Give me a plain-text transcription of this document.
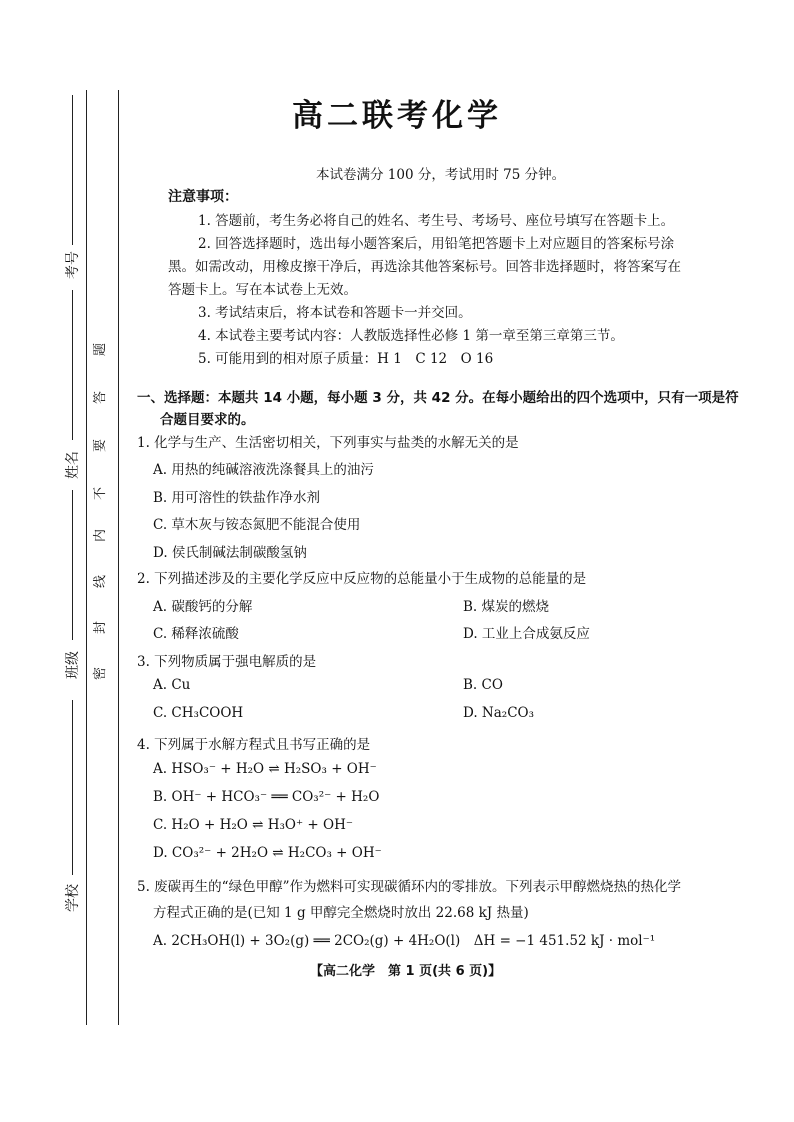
考号
姓名
班级
学校
题
答
要
不
内
线
封
密
高二联考化学
本试卷满分 100 分，考试用时 75 分钟。
注意事项：
1. 答题前，考生务必将自己的姓名、考生号、考场号、座位号填写在答题卡上。
2. 回答选择题时，选出每小题答案后，用铅笔把答题卡上对应题目的答案标号涂
黑。如需改动，用橡皮擦干净后，再选涂其他答案标号。回答非选择题时，将答案写在
答题卡上。写在本试卷上无效。
3. 考试结束后，将本试卷和答题卡一并交回。
4. 本试卷主要考试内容：人教版选择性必修 1 第一章至第三章第三节。
5. 可能用到的相对原子质量：H 1　C 12　O 16
一、选择题：本题共 14 小题，每小题 3 分，共 42 分。在每小题给出的四个选项中，只有一项是符
合题目要求的。
1. 化学与生产、生活密切相关，下列事实与盐类的水解无关的是
A. 用热的纯碱溶液洗涤餐具上的油污
B. 用可溶性的铁盐作净水剂
C. 草木灰与铵态氮肥不能混合使用
D. 侯氏制碱法制碳酸氢钠
2. 下列描述涉及的主要化学反应中反应物的总能量小于生成物的总能量的是
A. 碳酸钙的分解	B. 煤炭的燃烧
C. 稀释浓硫酸	D. 工业上合成氨反应
3. 下列物质属于强电解质的是
A. Cu	B. CO
C. CH₃COOH	D. Na₂CO₃
4. 下列属于水解方程式且书写正确的是
A. HSO₃⁻ + H₂O ⇌ H₂SO₃ + OH⁻
B. OH⁻ + HCO₃⁻ ══ CO₃²⁻ + H₂O
C. H₂O + H₂O ⇌ H₃O⁺ + OH⁻
D. CO₃²⁻ + 2H₂O ⇌ H₂CO₃ + OH⁻
5. 废碳再生的“绿色甲醇”作为燃料可实现碳循环内的零排放。下列表示甲醇燃烧热的热化学
方程式正确的是(已知 1 g 甲醇完全燃烧时放出 22.68 kJ 热量)
A. 2CH₃OH(l) + 3O₂(g) ══ 2CO₂(g) + 4H₂O(l)　ΔH = −1 451.52 kJ · mol⁻¹
【高二化学　第 1 页(共 6 页)】
